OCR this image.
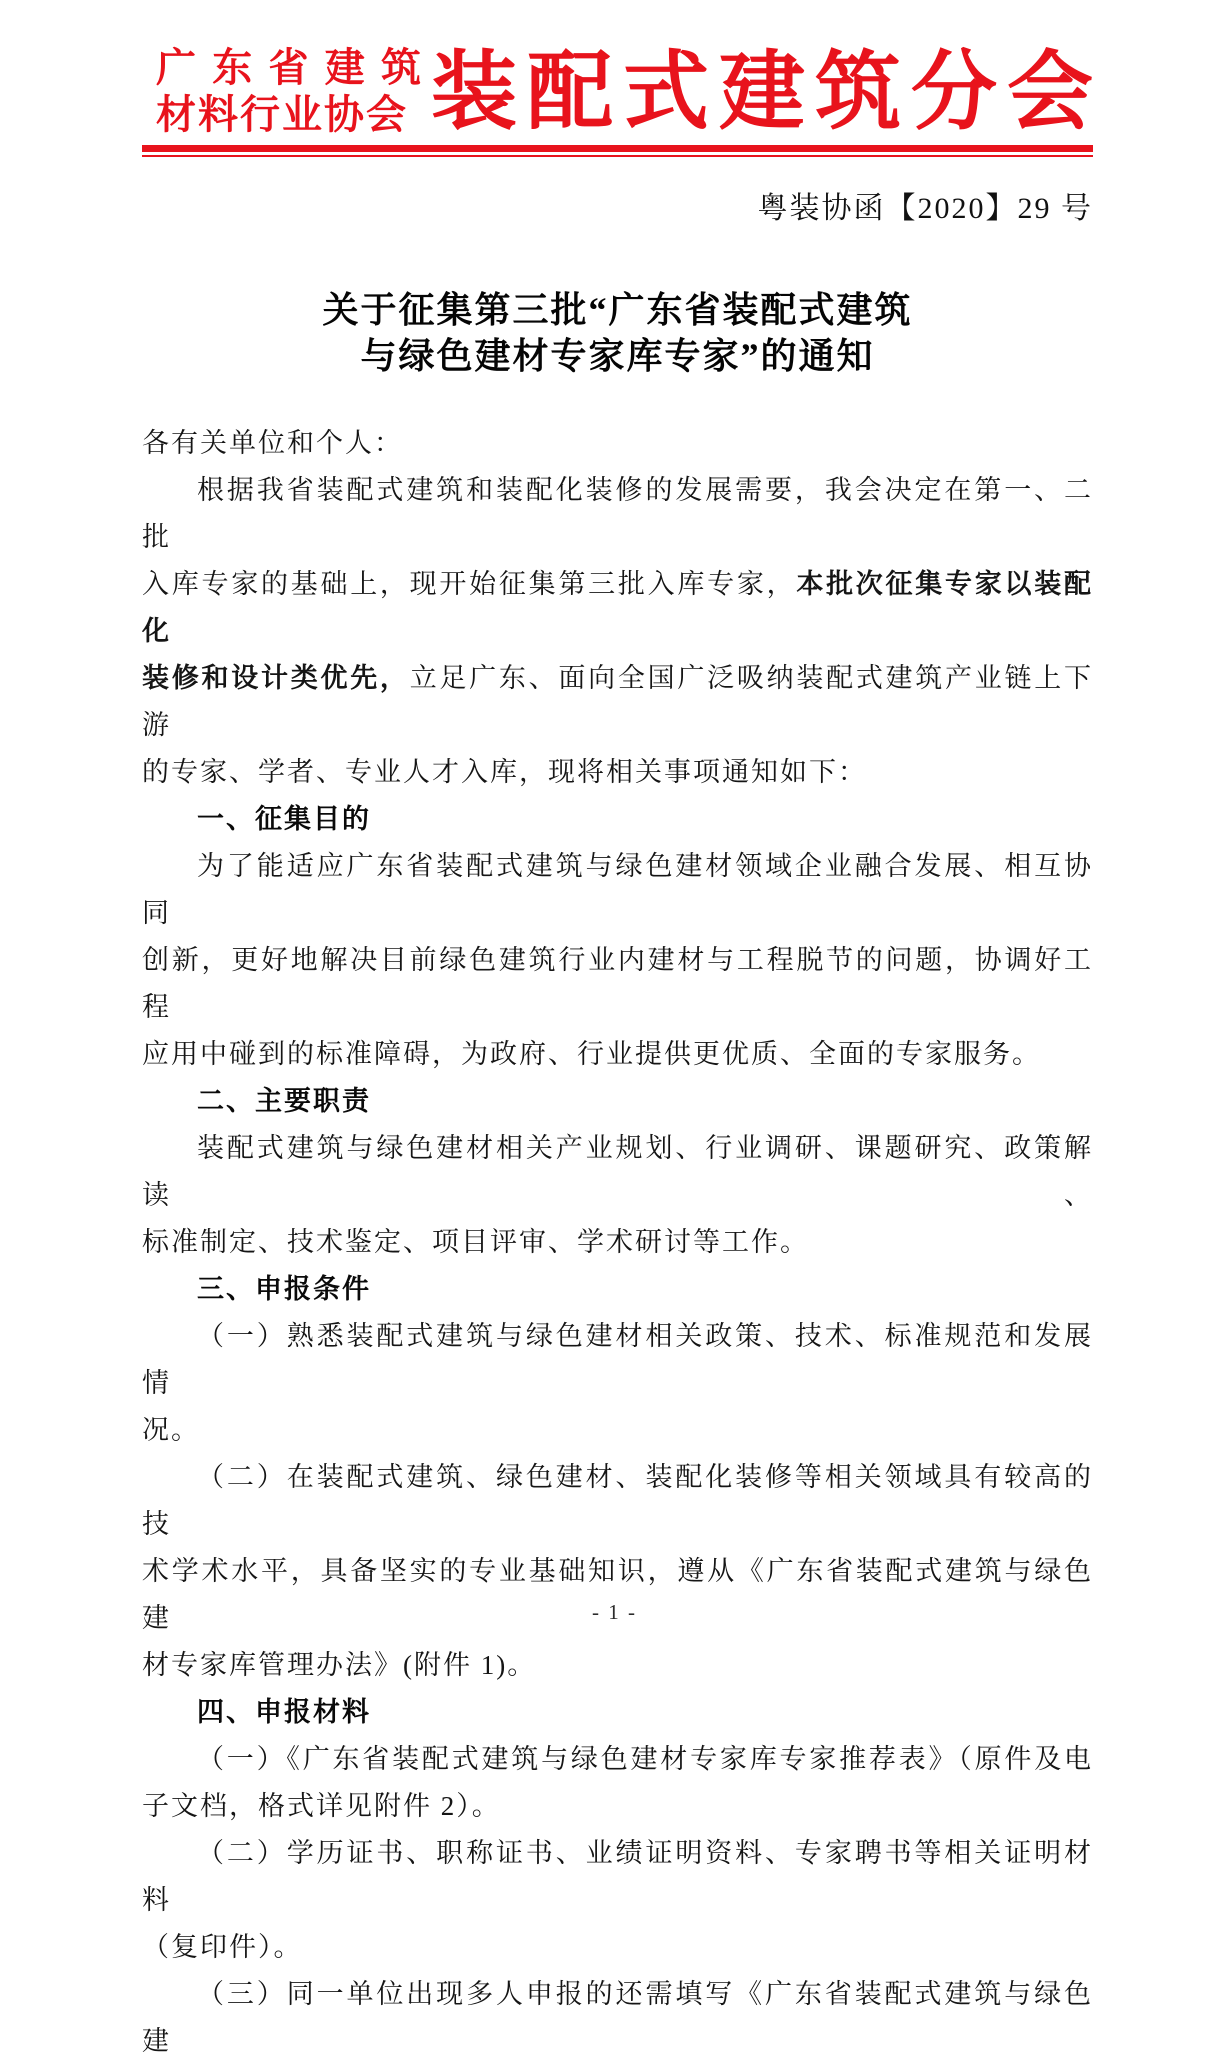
广东省建筑
材料行业协会 装配式建筑分会
粤装协函【2020】29 号
关于征集第三批“广东省装配式建筑
与绿色建材专家库专家”的通知
各有关单位和个人：
根据我省装配式建筑和装配化装修的发展需要，我会决定在第一、二批
入库专家的基础上，现开始征集第三批入库专家，本批次征集专家以装配化
装修和设计类优先，立足广东、面向全国广泛吸纳装配式建筑产业链上下游
的专家、学者、专业人才入库，现将相关事项通知如下：
一、征集目的
为了能适应广东省装配式建筑与绿色建材领域企业融合发展、相互协同
创新，更好地解决目前绿色建筑行业内建材与工程脱节的问题，协调好工程
应用中碰到的标准障碍，为政府、行业提供更优质、全面的专家服务。
二、主要职责
装配式建筑与绿色建材相关产业规划、行业调研、课题研究、政策解读、
标准制定、技术鉴定、项目评审、学术研讨等工作。
三、申报条件
（一）熟悉装配式建筑与绿色建材相关政策、技术、标准规范和发展情
况。
（二）在装配式建筑、绿色建材、装配化装修等相关领域具有较高的技
术学术水平，具备坚实的专业基础知识，遵从《广东省装配式建筑与绿色建
材专家库管理办法》(附件 1)。
四、申报材料
（一）《广东省装配式建筑与绿色建材专家库专家推荐表》（原件及电
子文档，格式详见附件 2）。
（二）学历证书、职称证书、业绩证明资料、专家聘书等相关证明材料
（复印件）。
（三）同一单位出现多人申报的还需填写《广东省装配式建筑与绿色建
- 1 -
